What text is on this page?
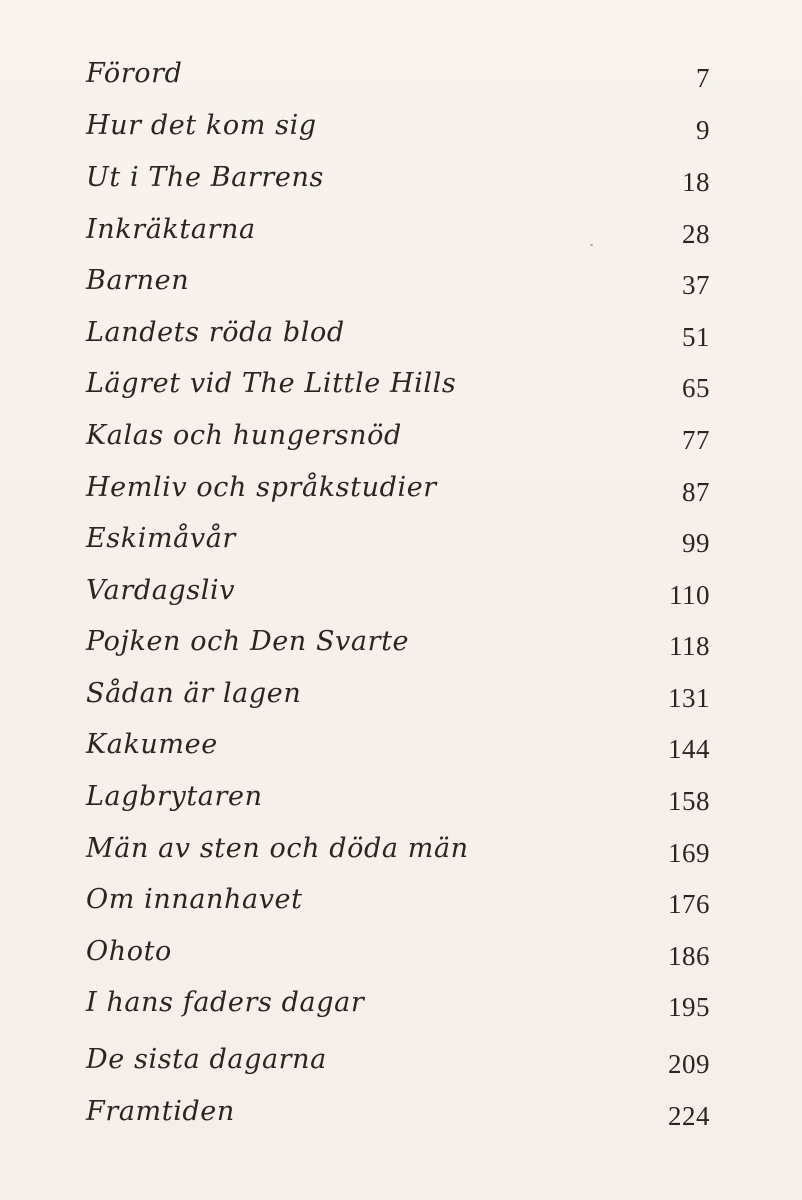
Förord	7
Hur det kom sig	9
Ut i The Barrens	18
Inkräktarna	28
Barnen	37
Landets röda blod	51
Lägret vid The Little Hills	65
Kalas och hungersnöd	77
Hemliv och språkstudier	87
Eskimåvår	99
Vardagsliv	110
Pojken och Den Svarte	118
Sådan är lagen	131
Kakumee	144
Lagbrytaren	158
Män av sten och döda män	169
Om innanhavet	176
Ohoto	186
I hans faders dagar	195
De sista dagarna	209
Framtiden	224
